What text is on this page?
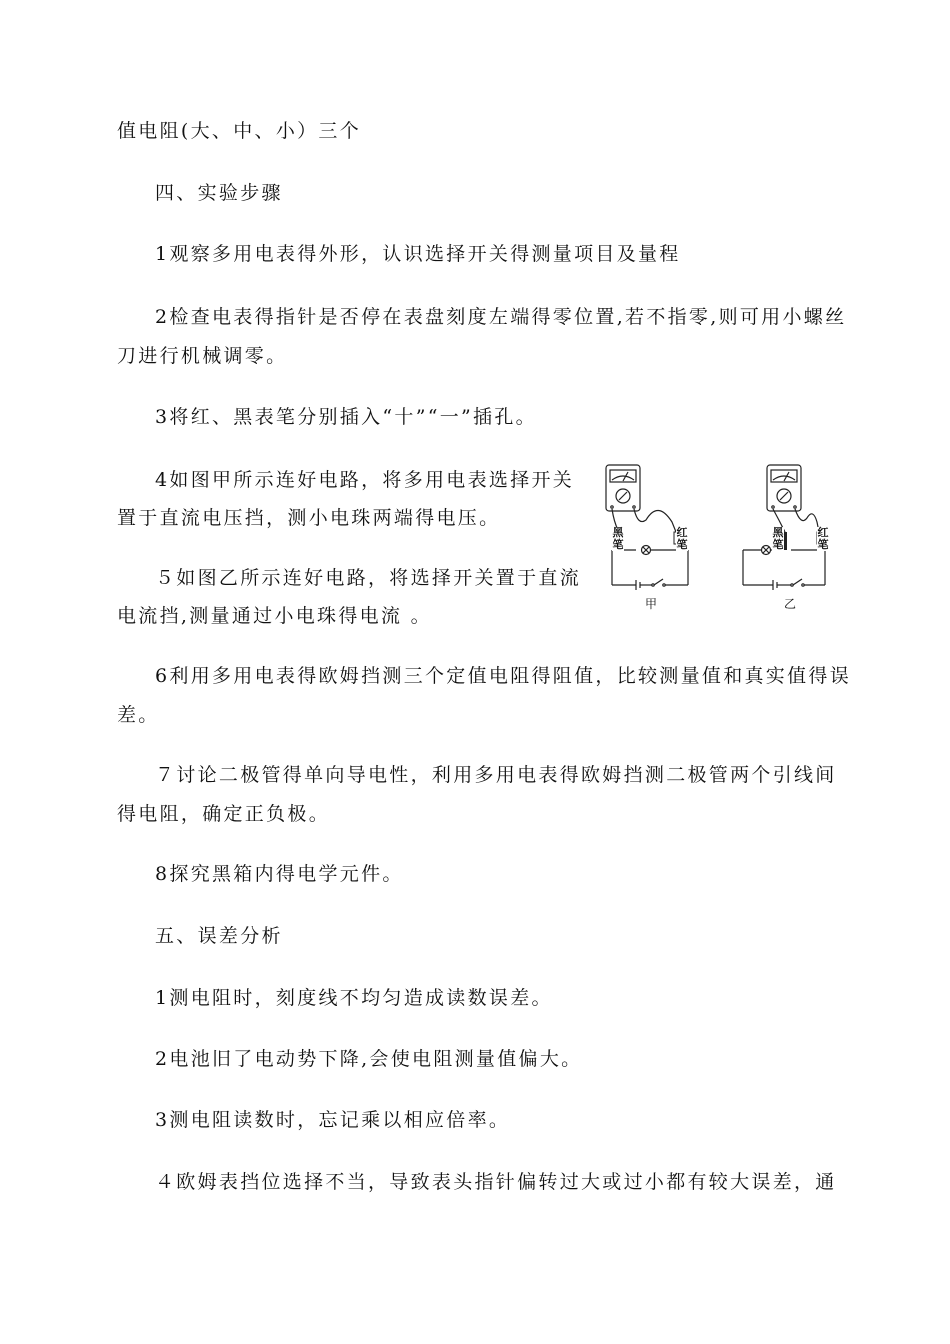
值电阻(大、中、小）三个
四、实验步骤
1观察多用电表得外形，认识选择开关得测量项目及量程
2检查电表得指针是否停在表盘刻度左端得零位置,若不指零,则可用小螺丝
刀进行机械调零。
3将红、黑表笔分别插入“十”“一”插孔。
4如图甲所示连好电路，将多用电表选择开关
置于直流电压挡，测小电珠两端得电压。
５如图乙所示连好电路，将选择开关置于直流
电流挡,测量通过小电珠得电流 。
6利用多用电表得欧姆挡测三个定值电阻得阻值，比较测量值和真实值得误
差。
７讨论二极管得单向导电性，利用多用电表得欧姆挡测二极管两个引线间
得电阻，确定正负极。
8探究黑箱内得电学元件。
五、误差分析
1测电阻时，刻度线不均匀造成读数误差。
2电池旧了电动势下降,会使电阻测量值偏大。
3测电阻读数时，忘记乘以相应倍率。
４欧姆表挡位选择不当，导致表头指针偏转过大或过小都有较大误差，通
黑笔
红笔
甲
黑笔
红笔
乙
